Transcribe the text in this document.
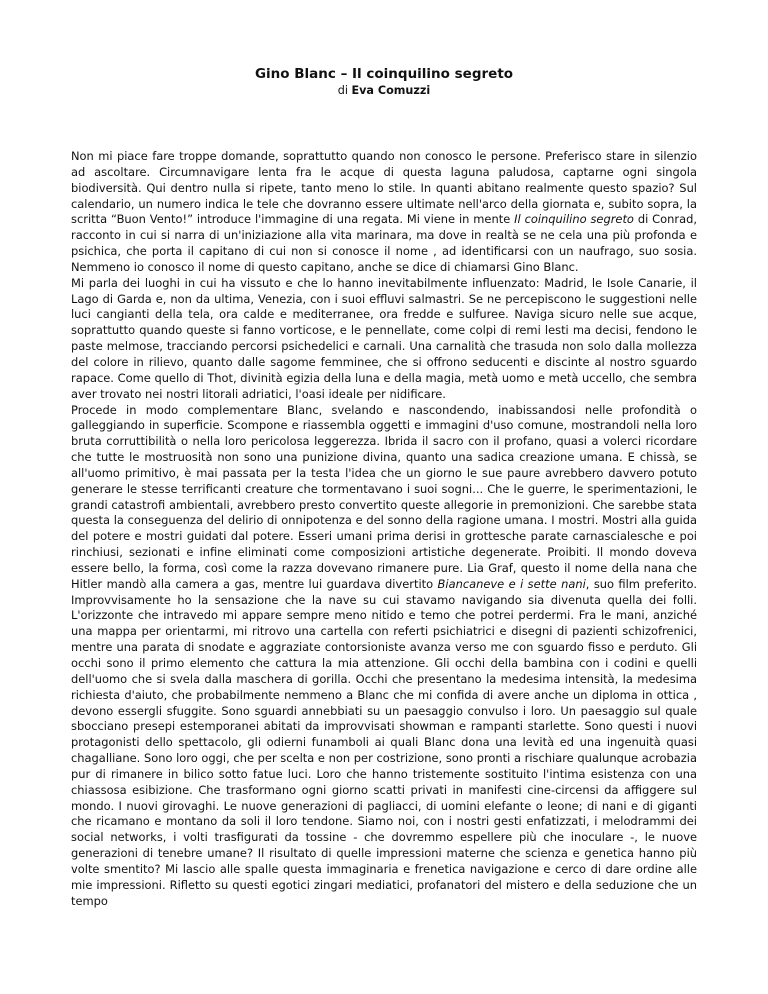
Gino Blanc – Il coinquilino segreto

di Eva Comuzzi

Non mi piace fare troppe domande, soprattutto quando non conosco le persone. Preferisco stare in silenzio ad ascoltare. Circumnavigare lenta fra le acque di questa laguna paludosa, captarne ogni singola biodiversità. Qui dentro nulla si ripete, tanto meno lo stile. In quanti abitano realmente questo spazio? Sul calendario, un numero indica le tele che dovranno essere ultimate nell'arco della giornata e, subito sopra, la scritta “Buon Vento!” introduce l'immagine di una regata. Mi viene in mente Il coinquilino segreto di Conrad, racconto in cui si narra di un'iniziazione alla vita marinara, ma dove in realtà se ne cela una più profonda e psichica, che porta il capitano di cui non si conosce il nome , ad identificarsi con un naufrago, suo sosia. Nemmeno io conosco il nome di questo capitano, anche se dice di chiamarsi Gino Blanc.

Mi parla dei luoghi in cui ha vissuto e che lo hanno inevitabilmente influenzato: Madrid, le Isole Canarie, il Lago di Garda e, non da ultima, Venezia, con i suoi effluvi salmastri. Se ne percepiscono le suggestioni nelle luci cangianti della tela, ora calde e mediterranee, ora fredde e sulfuree. Naviga sicuro nelle sue acque, soprattutto quando queste si fanno vorticose, e le pennellate, come colpi di remi lesti ma decisi, fendono le paste melmose, tracciando percorsi psichedelici e carnali. Una carnalità che trasuda non solo dalla mollezza del colore in rilievo, quanto dalle sagome femminee, che si offrono seducenti e discinte al nostro sguardo rapace. Come quello di Thot, divinità egizia della luna e della magia, metà uomo e metà uccello, che sembra aver trovato nei nostri litorali adriatici, l'oasi ideale per nidificare.

Procede in modo complementare Blanc, svelando e nascondendo, inabissandosi nelle profondità o galleggiando in superficie. Scompone e riassembla oggetti e immagini d'uso comune, mostrandoli nella loro bruta corruttibilità o nella loro pericolosa leggerezza. Ibrida il sacro con il profano, quasi a volerci ricordare che tutte le mostruosità non sono una punizione divina, quanto una sadica creazione umana. E chissà, se all'uomo primitivo, è mai passata per la testa l'idea che un giorno le sue paure avrebbero davvero potuto generare le stesse terrificanti creature che tormentavano i suoi sogni... Che le guerre, le sperimentazioni, le grandi catastrofi ambientali, avrebbero presto convertito queste allegorie in premonizioni. Che sarebbe stata questa la conseguenza del delirio di onnipotenza e del sonno della ragione umana. I mostri. Mostri alla guida del potere e mostri guidati dal potere. Esseri umani prima derisi in grottesche parate carnascialesche e poi rinchiusi, sezionati e infine eliminati come composizioni artistiche degenerate. Proibiti. Il mondo doveva essere bello, la forma, così come la razza dovevano rimanere pure. Lia Graf, questo il nome della nana che Hitler mandò alla camera a gas, mentre lui guardava divertito Biancaneve e i sette nani, suo film preferito. Improvvisamente ho la sensazione che la nave su cui stavamo navigando sia divenuta quella dei folli. L'orizzonte che intravedo mi appare sempre meno nitido e temo che potrei perdermi. Fra le mani, anziché una mappa per orientarmi, mi ritrovo una cartella con referti psichiatrici e disegni di pazienti schizofrenici, mentre una parata di snodate e aggraziate contorsioniste avanza verso me con sguardo fisso e perduto. Gli occhi sono il primo elemento che cattura la mia attenzione. Gli occhi della bambina con i codini e quelli dell'uomo che si svela dalla maschera di gorilla. Occhi che presentano la medesima intensità, la medesima richiesta d'aiuto, che probabilmente nemmeno a Blanc che mi confida di avere anche un diploma in ottica , devono essergli sfuggite. Sono sguardi annebbiati su un paesaggio convulso i loro. Un paesaggio sul quale sbocciano presepi estemporanei abitati da improvvisati showman e rampanti starlette. Sono questi i nuovi protagonisti dello spettacolo, gli odierni funamboli ai quali Blanc dona una levità ed una ingenuità quasi chagalliane. Sono loro oggi, che per scelta e non per costrizione, sono pronti a rischiare qualunque acrobazia pur di rimanere in bilico sotto fatue luci. Loro che hanno tristemente sostituito l'intima esistenza con una chiassosa esibizione. Che trasformano ogni giorno scatti privati in manifesti cine-circensi da affiggere sul mondo. I nuovi girovaghi. Le nuove generazioni di pagliacci, di uomini elefante o leone; di nani e di giganti che ricamano e montano da soli il loro tendone. Siamo noi, con i nostri gesti enfatizzati, i melodrammi dei social networks, i volti trasfigurati da tossine - che dovremmo espellere più che inoculare -, le nuove generazioni di tenebre umane? Il risultato di quelle impressioni materne che scienza e genetica hanno più volte smentito? Mi lascio alle spalle questa immaginaria e frenetica navigazione e cerco di dare ordine alle mie impressioni. Rifletto su questi egotici zingari mediatici, profanatori del mistero e della seduzione che un tempo
